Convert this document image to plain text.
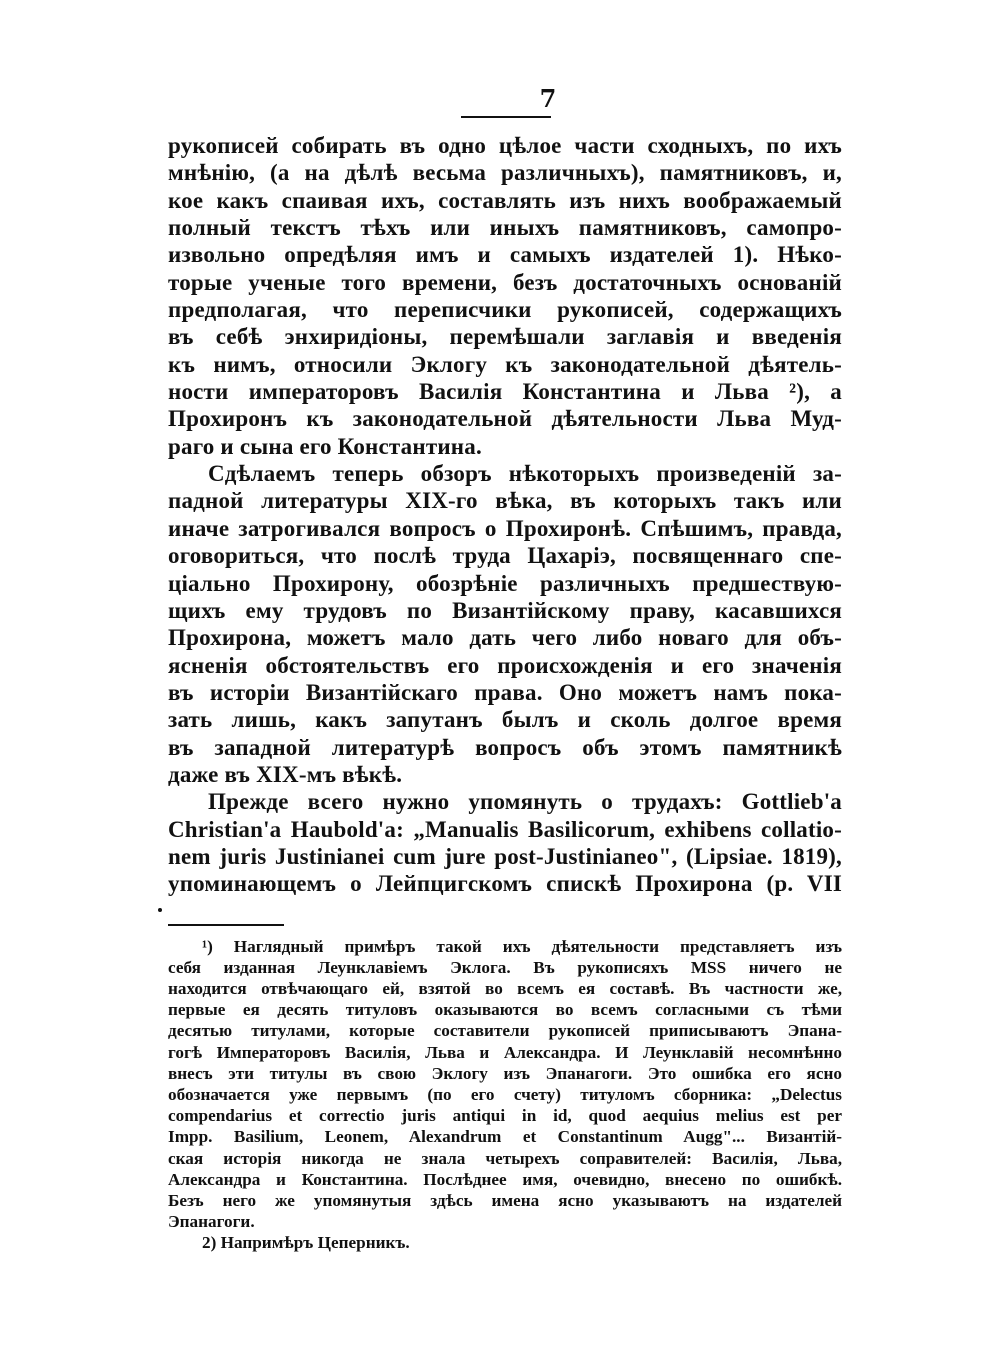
7
рукописей собирать въ одно цѣлое части сходныхъ, по ихъ
мнѣнію, (а на дѣлѣ весьма различныхъ), памятниковъ, и,
кое какъ спаивая ихъ, составлять изъ нихъ воображаемый
полный текстъ тѣхъ или иныхъ памятниковъ, самопро-
извольно опредѣляя имъ и самыхъ издателей 1). Нѣко-
торые ученые того времени, безъ достаточныхъ основаній
предполагая, что переписчики рукописей, содержащихъ
въ себѣ энхиридіоны, перемѣшали заглавія и введенія
къ нимъ, относили Эклогу къ законодательной дѣятель-
ности императоровъ Василія Константина и Льва ²), а
Прохиронъ къ законодательной дѣятельности Льва Муд-
раго и сына его Константина.
Сдѣлаемъ теперь обзоръ нѣкоторыхъ произведеній за-
падной литературы XIX-го вѣка, въ которыхъ такъ или
иначе затрогивался вопросъ о Прохиронѣ. Спѣшимъ, правда,
оговориться, что послѣ труда Цахаріэ, посвященнаго спе-
ціально Прохирону, обозрѣніе различныхъ предшествую-
щихъ ему трудовъ по Византійскому праву, касавшихся
Прохирона, можетъ мало дать чего либо новаго для объ-
ясненія обстоятельствъ его происхожденія и его значенія
въ исторіи Византійскаго права. Оно можетъ намъ пока-
зать лишь, какъ запутанъ былъ и сколь долгое время
въ западной литературѣ вопросъ объ этомъ памятникѣ
даже въ XIX-мъ вѣкѣ.
Прежде всего нужно упомянуть о трудахъ: Gottlieb'a
Christian'a Haubold'a: „Manualis Basilicorum, exhibens collatio-
nem juris Justinianei cum jure post-Justinianeo", (Lipsiae. 1819),
упоминающемъ о Лейпцигскомъ спискѣ Прохирона (p. VII
¹) Наглядный примѣръ такой ихъ дѣятельности представляетъ изъ
себя изданная Леунклавіемъ Эклога. Въ рукописяхъ MSS ничего не
находится отвѣчающаго ей, взятой во всемъ ея составѣ. Въ частности же,
первые ея десять титуловъ оказываются во всемъ согласными съ тѣми
десятью титулами, которые составители рукописей приписываютъ Эпана-
гогѣ Императоровъ Василія, Льва и Александра. И Леунклавій несомнѣнно
внесъ эти титулы въ свою Эклогу изъ Эпанагоги. Это ошибка его ясно
обозначается уже первымъ (по его счету) титуломъ сборника: „Delectus
compendarius et correctio juris antiqui in id, quod aequius melius est per
Impp. Basilium, Leonem, Alexandrum et Constantinum Augg"... Византій-
ская исторія никогда не знала четырехъ соправителей: Василія, Льва,
Александра и Константина. Послѣднее имя, очевидно, внесено по ошибкѣ.
Безъ него же упомянутыя здѣсь имена ясно указываютъ на издателей
Эпанагоги.
2) Напримѣръ Цеперникъ.
